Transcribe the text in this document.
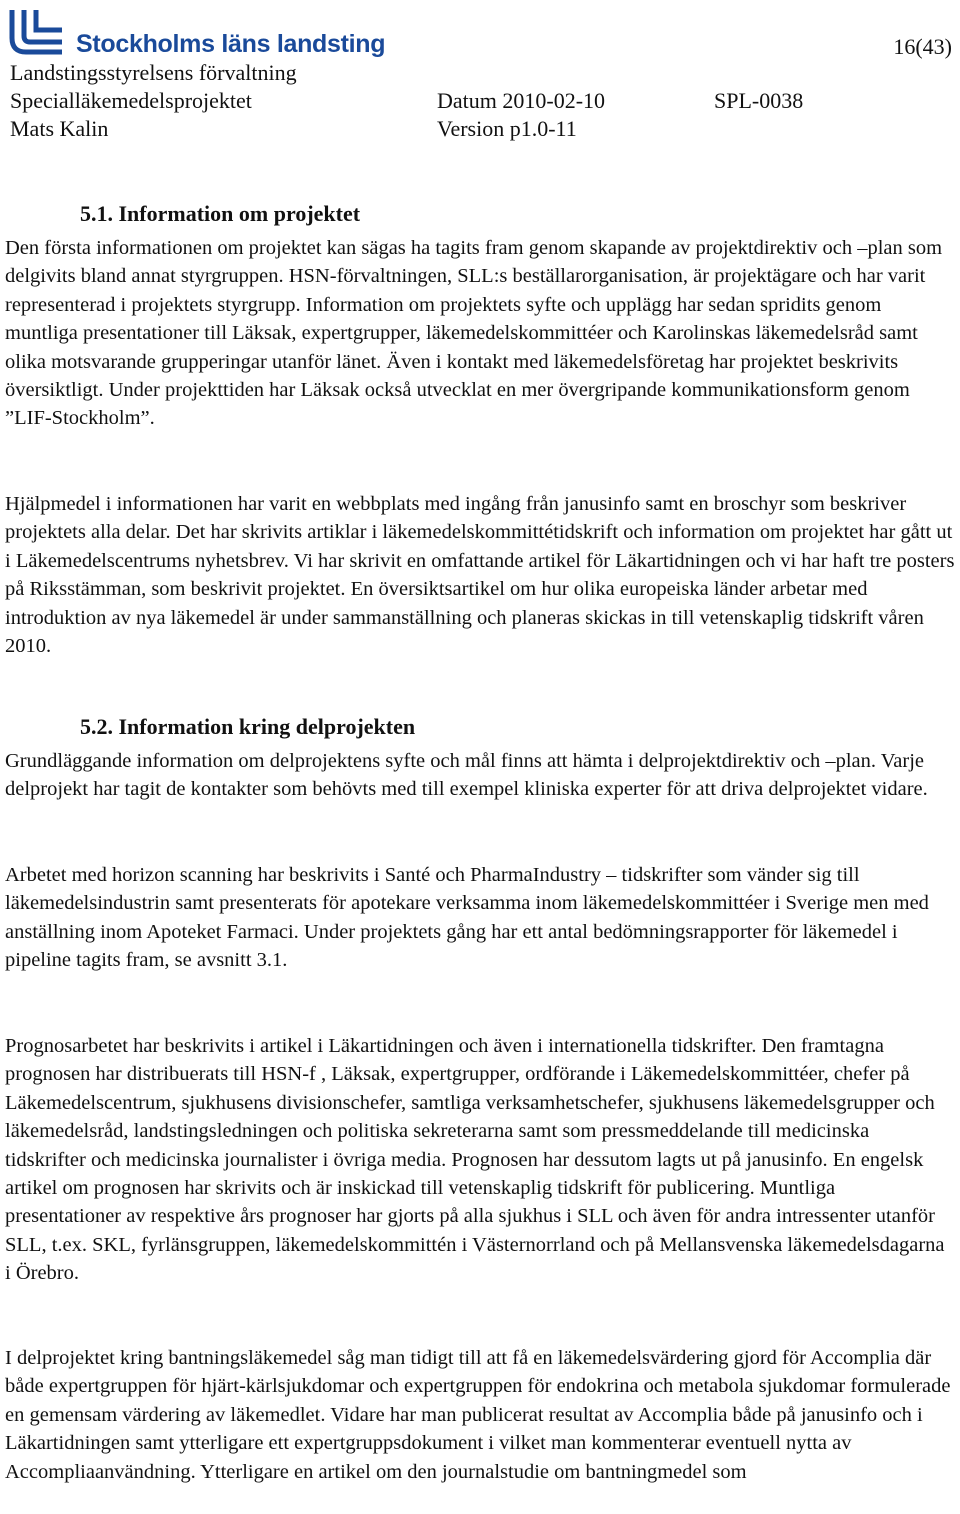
Stockholms läns landsting	16(43)
Landstingsstyrelsens förvaltning
Specialläkemedelsprojektet	Datum 2010-02-10	SPL-0038
Mats Kalin	Version p1.0-11
5.1. Information om projektet

Den första informationen om projektet kan sägas ha tagits fram genom skapande av projektdirektiv och –plan som delgivits bland annat styrgruppen. HSN-förvaltningen, SLL:s beställarorganisation, är projektägare och har varit representerad i projektets styrgrupp. Information om projektets syfte och upplägg har sedan spridits genom muntliga presentationer till Läksak, expertgrupper, läkemedelskommittéer och Karolinskas läkemedelsråd samt olika motsvarande grupperingar utanför länet. Även i kontakt med läkemedelsföretag har projektet beskrivits översiktligt. Under projekttiden har Läksak också utvecklat en mer övergripande kommunikationsform genom ”LIF-Stockholm”.

Hjälpmedel i informationen har varit en webbplats med ingång från janusinfo samt en broschyr som beskriver projektets alla delar. Det har skrivits artiklar i läkemedelskommittétidskrift och information om projektet har gått ut i Läkemedelscentrums nyhetsbrev. Vi har skrivit en omfattande artikel för Läkartidningen och vi har haft tre posters på Riksstämman, som beskrivit projektet. En översiktsartikel om hur olika europeiska länder arbetar med introduktion av nya läkemedel är under sammanställning och planeras skickas in till vetenskaplig tidskrift våren 2010.

5.2. Information kring delprojekten

Grundläggande information om delprojektens syfte och mål finns att hämta i delprojektdirektiv och –plan. Varje delprojekt har tagit de kontakter som behövts med till exempel kliniska experter för att driva delprojektet vidare.

Arbetet med horizon scanning har beskrivits i Santé och PharmaIndustry – tidskrifter som vänder sig till läkemedelsindustrin samt presenterats för apotekare verksamma inom läkemedelskommittéer i Sverige men med anställning inom Apoteket Farmaci. Under projektets gång har ett antal bedömningsrapporter för läkemedel i pipeline tagits fram, se avsnitt 3.1.

Prognosarbetet har beskrivits i artikel i Läkartidningen och även i internationella tidskrifter. Den framtagna prognosen har distribuerats till HSN-f , Läksak, expertgrupper, ordförande i Läkemedelskommittéer, chefer på Läkemedelscentrum, sjukhusens divisionschefer, samtliga verksamhetschefer, sjukhusens läkemedelsgrupper och läkemedelsråd, landstingsledningen och politiska sekreterarna samt som pressmeddelande till medicinska tidskrifter och medicinska journalister i övriga media. Prognosen har dessutom lagts ut på janusinfo. En engelsk artikel om prognosen har skrivits och är inskickad till vetenskaplig tidskrift för publicering. Muntliga presentationer av respektive års prognoser har gjorts på alla sjukhus i SLL och även för andra intressenter utanför SLL, t.ex. SKL, fyrlänsgruppen, läkemedelskommittén i Västernorrland och på Mellansvenska läkemedelsdagarna i Örebro.

I delprojektet kring bantningsläkemedel såg man tidigt till att få en läkemedelsvärdering gjord för Accomplia där både expertgruppen för hjärt-kärlsjukdomar och expertgruppen för endokrina och metabola sjukdomar formulerade en gemensam värdering av läkemedlet. Vidare har man publicerat resultat av Accomplia både på janusinfo och i Läkartidningen samt ytterligare ett expertgruppsdokument i vilket man kommenterar eventuell nytta av Accompliaanvändning. Ytterligare en artikel om den journalstudie om bantningmedel som
